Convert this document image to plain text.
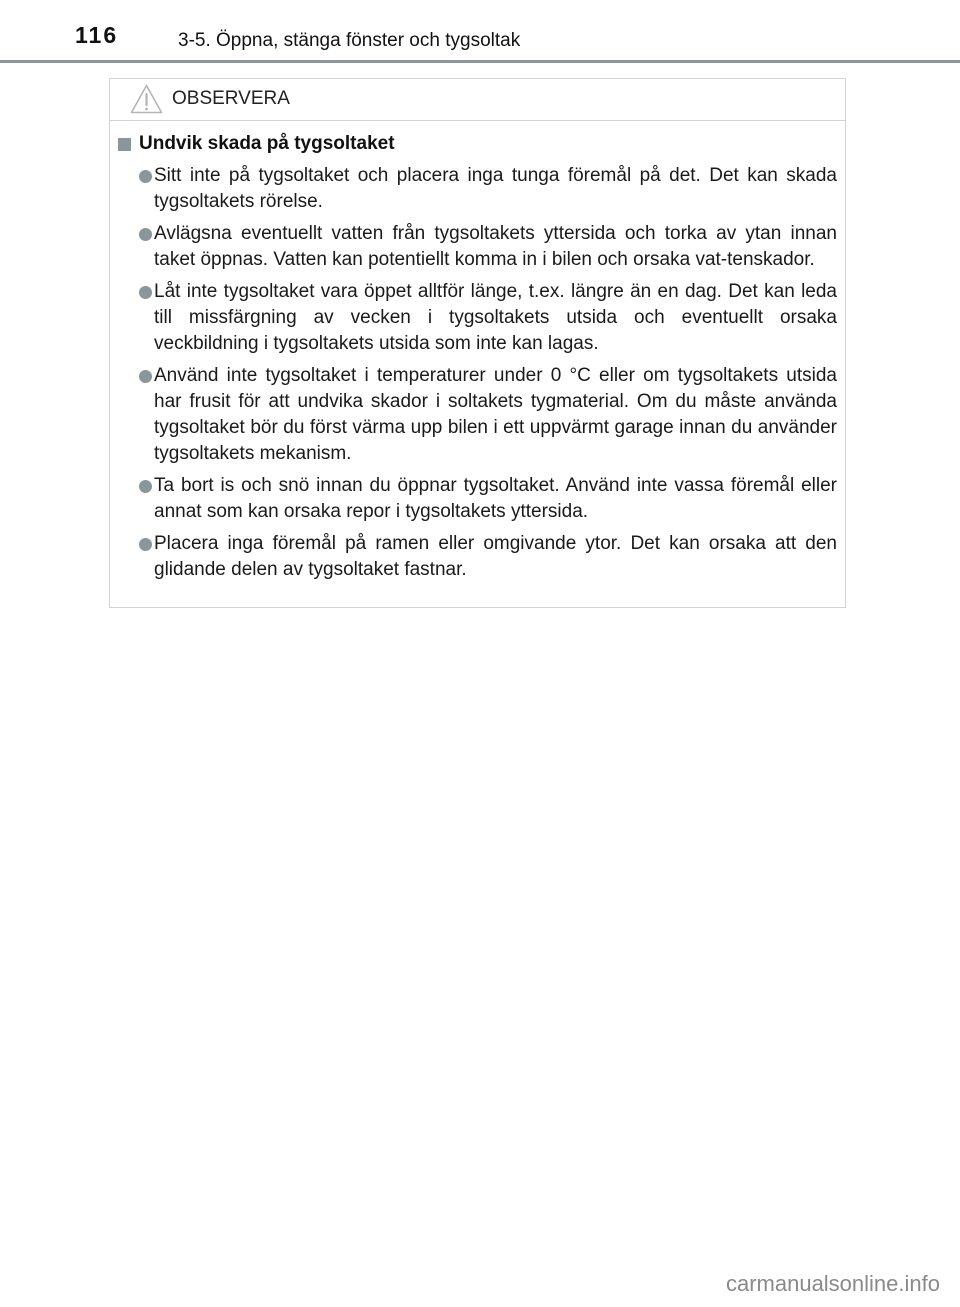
116	3-5. Öppna, stänga fönster och tygsoltak
OBSERVERA
Undvik skada på tygsoltaket
Sitt inte på tygsoltaket och placera inga tunga föremål på det. Det kan skada tygsoltakets rörelse.
Avlägsna eventuellt vatten från tygsoltakets yttersida och torka av ytan innan taket öppnas. Vatten kan potentiellt komma in i bilen och orsaka vat-tenskador.
Låt inte tygsoltaket vara öppet alltför länge, t.ex. längre än en dag. Det kan leda till missfärgning av vecken i tygsoltakets utsida och eventuellt orsaka veckbildning i tygsoltakets utsida som inte kan lagas.
Använd inte tygsoltaket i temperaturer under 0 °C eller om tygsoltakets utsida har frusit för att undvika skador i soltakets tygmaterial. Om du måste använda tygsoltaket bör du först värma upp bilen i ett uppvärmt garage innan du använder tygsoltakets mekanism.
Ta bort is och snö innan du öppnar tygsoltaket. Använd inte vassa föremål eller annat som kan orsaka repor i tygsoltakets yttersida.
Placera inga föremål på ramen eller omgivande ytor. Det kan orsaka att den glidande delen av tygsoltaket fastnar.
carmanualsonline.info
